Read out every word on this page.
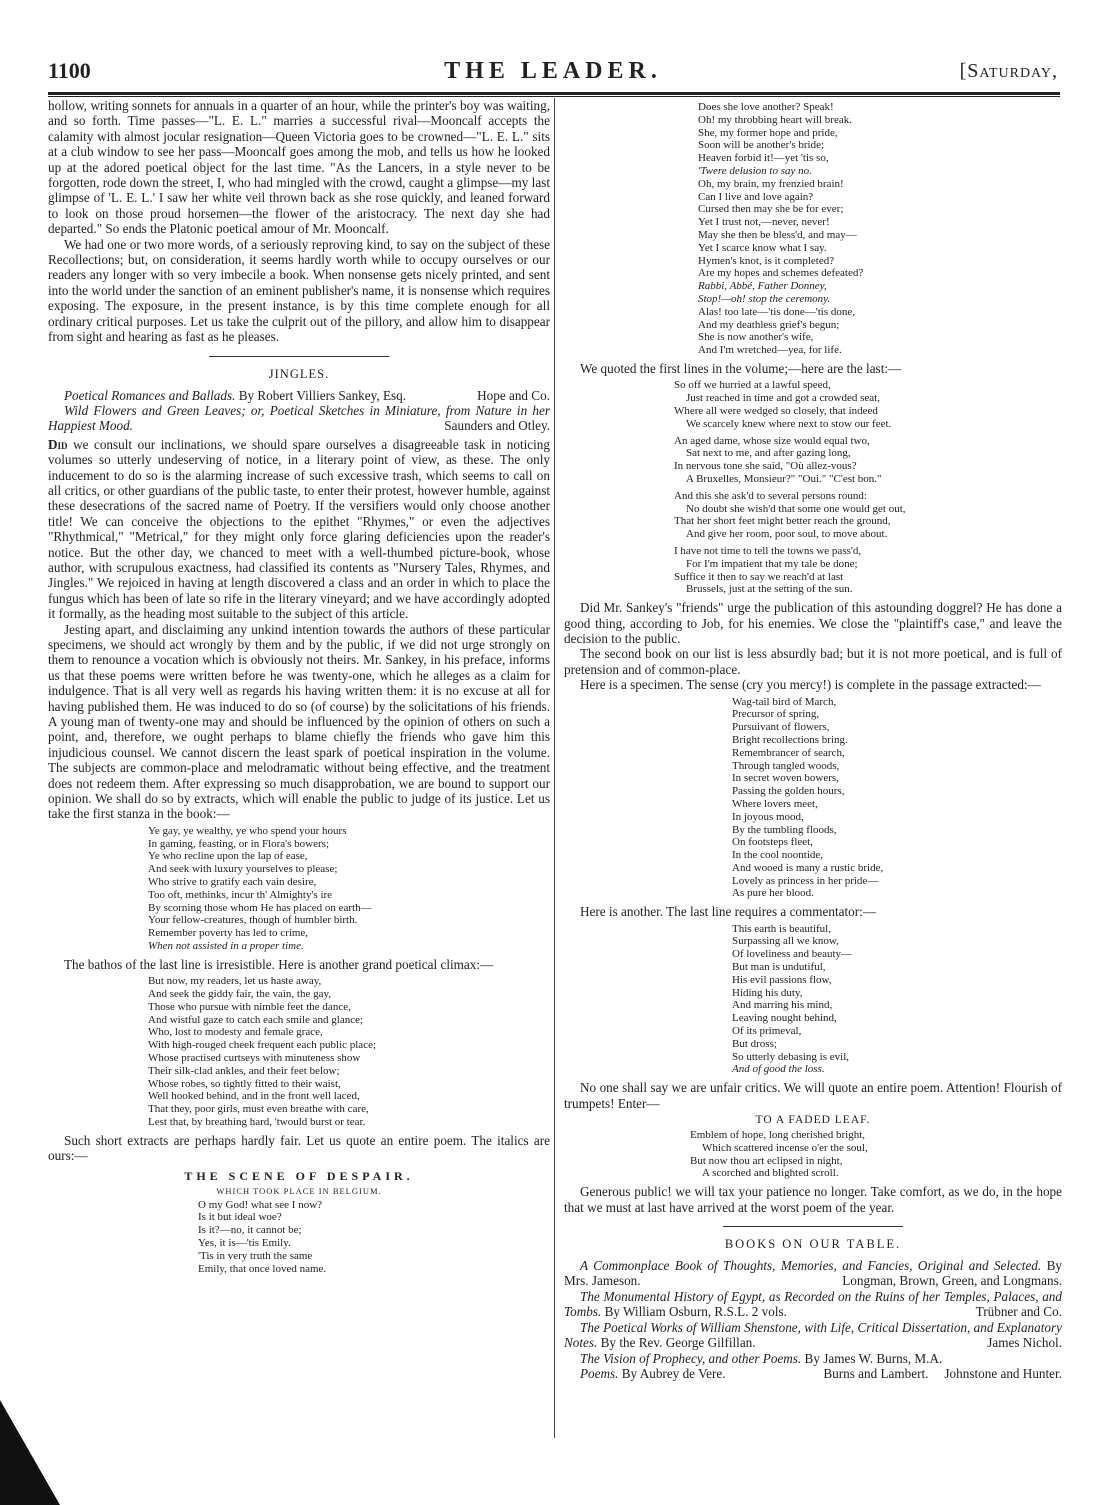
1100	THE LEADER.	[Saturday,

hollow, writing sonnets for annuals in a quarter of an hour, while the printer's boy was waiting, and so forth. Time passes—"L. E. L." marries a successful rival—Mooncalf accepts the calamity with almost jocular resignation—Queen Victoria goes to be crowned—"L. E. L." sits at a club window to see her pass—Mooncalf goes among the mob, and tells us how he looked up at the adored poetical object for the last time. "As the Lancers, in a style never to be forgotten, rode down the street, I, who had mingled with the crowd, caught a glimpse—my last glimpse of 'L. E. L.' I saw her white veil thrown back as she rose quickly, and leaned forward to look on those proud horsemen—the flower of the aristocracy. The next day she had departed." So ends the Platonic poetical amour of Mr. Mooncalf.

We had one or two more words, of a seriously reproving kind, to say on the subject of these Recollections; but, on consideration, it seems hardly worth while to occupy ourselves or our readers any longer with so very imbecile a book. When nonsense gets nicely printed, and sent into the world under the sanction of an eminent publisher's name, it is nonsense which requires exposing. The exposure, in the present instance, is by this time complete enough for all ordinary critical purposes. Let us take the culprit out of the pillory, and allow him to disappear from sight and hearing as fast as he pleases.

JINGLES.

Poetical Romances and Ballads. By Robert Villiers Sankey, Esq.	Hope and Co.

Wild Flowers and Green Leaves; or, Poetical Sketches in Miniature, from Nature in her Happiest Mood.	Saunders and Otley.

Did we consult our inclinations, we should spare ourselves a disagreeable task in noticing volumes so utterly undeserving of notice, in a literary point of view, as these. The only inducement to do so is the alarming increase of such excessive trash, which seems to call on all critics, or other guardians of the public taste, to enter their protest, however humble, against these desecrations of the sacred name of Poetry. If the versifiers would only choose another title! We can conceive the objections to the epithet "Rhymes," or even the adjectives "Rhythmical," "Metrical," for they might only force glaring deficiencies upon the reader's notice. But the other day, we chanced to meet with a well-thumbed picture-book, whose author, with scrupulous exactness, had classified its contents as "Nursery Tales, Rhymes, and Jingles." We rejoiced in having at length discovered a class and an order in which to place the fungus which has been of late so rife in the literary vineyard; and we have accordingly adopted it formally, as the heading most suitable to the subject of this article.

Jesting apart, and disclaiming any unkind intention towards the authors of these particular specimens, we should act wrongly by them and by the public, if we did not urge strongly on them to renounce a vocation which is obviously not theirs. Mr. Sankey, in his preface, informs us that these poems were written before he was twenty-one, which he alleges as a claim for indulgence. That is all very well as regards his having written them: it is no excuse at all for having published them. He was induced to do so (of course) by the solicitations of his friends. A young man of twenty-one may and should be influenced by the opinion of others on such a point, and, therefore, we ought perhaps to blame chiefly the friends who gave him this injudicious counsel. We cannot discern the least spark of poetical inspiration in the volume. The subjects are common-place and melodramatic without being effective, and the treatment does not redeem them. After expressing so much disapprobation, we are bound to support our opinion. We shall do so by extracts, which will enable the public to judge of its justice. Let us take the first stanza in the book:—

Ye gay, ye wealthy, ye who spend your hours
In gaming, feasting, or in Flora's bowers;
Ye who recline upon the lap of ease,
And seek with luxury yourselves to please;
Who strive to gratify each vain desire,
Too oft, methinks, incur th' Almighty's ire
By scorning those whom He has placed on earth—
Your fellow-creatures, though of humbler birth.
Remember poverty has led to crime,
When not assisted in a proper time.

The bathos of the last line is irresistible. Here is another grand poetical climax:—

But now, my readers, let us haste away,
And seek the giddy fair, the vain, the gay,
Those who pursue with nimble feet the dance,
And wistful gaze to catch each smile and glance;
Who, lost to modesty and female grace,
With high-rouged cheek frequent each public place;
Whose practised curtseys with minuteness show
Their silk-clad ankles, and their feet below;
Whose robes, so tightly fitted to their waist,
Well hooked behind, and in the front well laced,
That they, poor girls, must even breathe with care,
Lest that, by breathing hard, 'twould burst or tear.

Such short extracts are perhaps hardly fair. Let us quote an entire poem. The italics are ours:—

THE SCENE OF DESPAIR.
WHICH TOOK PLACE IN BELGIUM.
O my God! what see I now?
Is it but ideal woe?
Is it?—no, it cannot be;
Yes, it is—'tis Emily.
'Tis in very truth the same
Emily, that once loved name.
Does she love another? Speak!
Oh! my throbbing heart will break.
She, my former hope and pride,
Soon will be another's bride;
Heaven forbid it!—yet 'tis so,
'Twere delusion to say no.
Oh, my brain, my frenzied brain!
Can I live and love again?
Cursed then may she be for ever;
Yet I trust not,—never, never!
May she then be bless'd, and may—
Yet I scarce know what I say.
Hymen's knot, is it completed?
Are my hopes and schemes defeated?
Rabbi, Abbé, Father Donney,
Stop!—oh! stop the ceremony.
Alas! too late—'tis done—'tis done,
And my deathless grief's begun;
She is now another's wife,
And I'm wretched—yea, for life.

We quoted the first lines in the volume;—here are the last:—

So off we hurried at a lawful speed,
Just reached in time and got a crowded seat,
Where all were wedged so closely, that indeed
We scarcely knew where next to stow our feet.
An aged dame, whose size would equal two,
Sat next to me, and after gazing long,
In nervous tone she said, "Où allez-vous?
A Bruxelles, Monsieur?" "Oui." "C'est bon."
And this she ask'd to several persons round:
No doubt she wish'd that some one would get out,
That her short feet might better reach the ground,
And give her room, poor soul, to move about.
I have not time to tell the towns we pass'd,
For I'm impatient that my tale be done;
Suffice it then to say we reach'd at last
Brussels, just at the setting of the sun.

Did Mr. Sankey's "friends" urge the publication of this astounding doggrel? He has done a good thing, according to Job, for his enemies. We close the "plaintiff's case," and leave the decision to the public.

The second book on our list is less absurdly bad; but it is not more poetical, and is full of pretension and of common-place.

Here is a specimen. The sense (cry you mercy!) is complete in the passage extracted:—

Wag-tail bird of March,
Precursor of spring,
Pursuivant of flowers,
Bright recollections bring.
Remembrancer of search,
Through tangled woods,
In secret woven bowers,
Passing the golden hours,
Where lovers meet,
In joyous mood,
By the tumbling floods,
On footsteps fleet,
In the cool noontide,
And wooed is many a rustic bride,
Lovely as princess in her pride—
As pure her blood.

Here is another. The last line requires a commentator:—

This earth is beautiful,
Surpassing all we know,
Of loveliness and beauty—
But man is undutiful,
His evil passions flow,
Hiding his duty,
And marring his mind,
Leaving nought behind,
Of its primeval,
But dross;
So utterly debasing is evil,
And of good the loss.

No one shall say we are unfair critics. We will quote an entire poem. Attention! Flourish of trumpets! Enter—

TO A FADED LEAF.
Emblem of hope, long cherished bright,
Which scattered incense o'er the soul,
But now thou art eclipsed in night,
A scorched and blighted scroll.

Generous public! we will tax your patience no longer. Take comfort, as we do, in the hope that we must at last have arrived at the worst poem of the year.

BOOKS ON OUR TABLE.

A Commonplace Book of Thoughts, Memories, and Fancies, Original and Selected. By Mrs. Jameson.	Longman, Brown, Green, and Longmans.

The Monumental History of Egypt, as Recorded on the Ruins of her Temples, Palaces, and Tombs. By William Osburn, R.S.L. 2 vols.	Trübner and Co.

The Poetical Works of William Shenstone, with Life, Critical Dissertation, and Explanatory Notes. By the Rev. George Gilfillan.	James Nichol.

The Vision of Prophecy, and other Poems. By James W. Burns, M.A.
Johnstone and Hunter.

Poems. By Aubrey de Vere.	Burns and Lambert.
